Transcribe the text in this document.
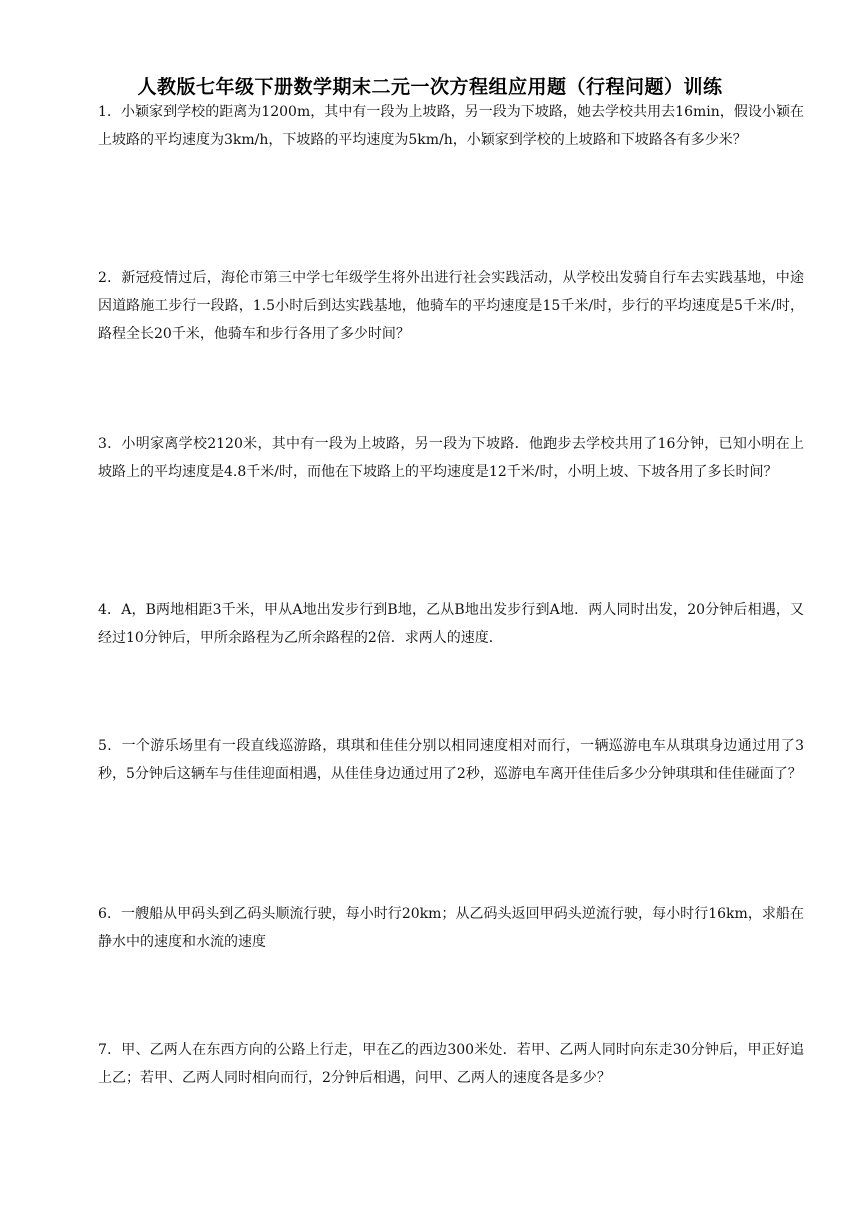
人教版七年级下册数学期末二元一次方程组应用题（行程问题）训练

1．小颖家到学校的距离为1200m，其中有一段为上坡路，另一段为下坡路，她去学校共用去16min，假设小颖在上坡路的平均速度为3km/h，下坡路的平均速度为5km/h，小颖家到学校的上坡路和下坡路各有多少米？

2．新冠疫情过后，海伦市第三中学七年级学生将外出进行社会实践活动，从学校出发骑自行车去实践基地，中途因道路施工步行一段路，1.5小时后到达实践基地，他骑车的平均速度是15千米/时，步行的平均速度是5千米/时，路程全长20千米，他骑车和步行各用了多少时间？

3．小明家离学校2120米，其中有一段为上坡路，另一段为下坡路．他跑步去学校共用了16分钟，已知小明在上坡路上的平均速度是4.8千米/时，而他在下坡路上的平均速度是12千米/时，小明上坡、下坡各用了多长时间？

4．A，B两地相距3千米，甲从A地出发步行到B地，乙从B地出发步行到A地．两人同时出发，20分钟后相遇，又经过10分钟后，甲所余路程为乙所余路程的2倍．求两人的速度．

5．一个游乐场里有一段直线巡游路，琪琪和佳佳分别以相同速度相对而行，一辆巡游电车从琪琪身边通过用了3秒，5分钟后这辆车与佳佳迎面相遇，从佳佳身边通过用了2秒，巡游电车离开佳佳后多少分钟琪琪和佳佳碰面了？

6．一艘船从甲码头到乙码头顺流行驶，每小时行20km；从乙码头返回甲码头逆流行驶，每小时行16km，求船在静水中的速度和水流的速度

7．甲、乙两人在东西方向的公路上行走，甲在乙的西边300米处．若甲、乙两人同时向东走30分钟后，甲正好追上乙；若甲、乙两人同时相向而行，2分钟后相遇，问甲、乙两人的速度各是多少？
